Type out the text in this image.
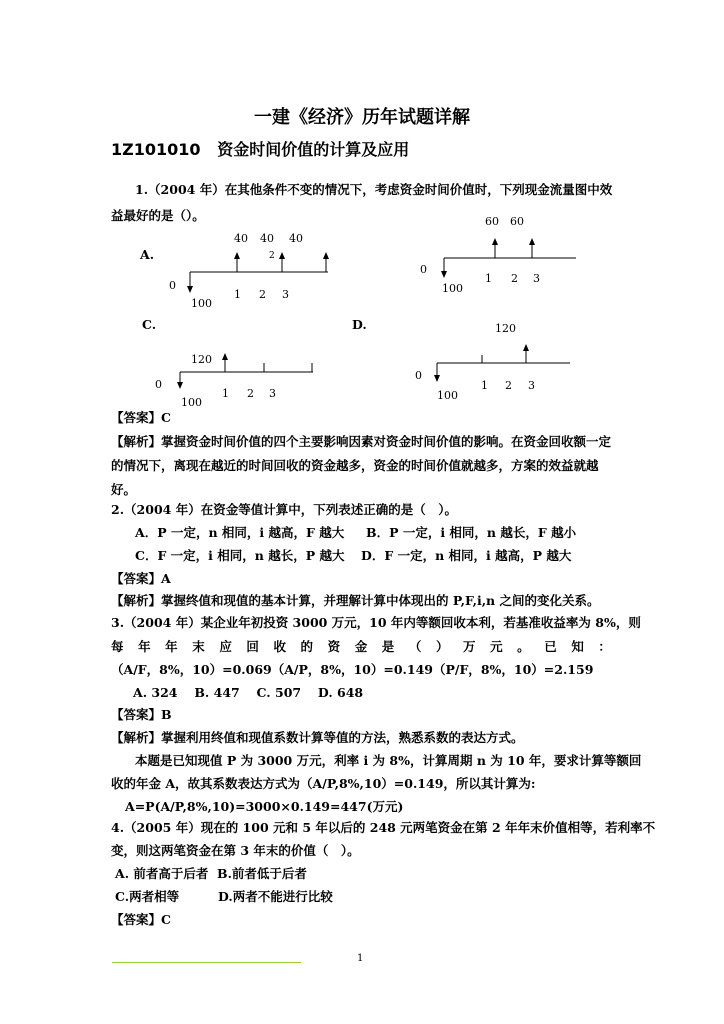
一建《经济》历年试题详解
1Z101010 资金时间价值的计算及应用
1.（2004 年）在其他条件不变的情况下，考虑资金时间价值时，下列现金流量图中效
益最好的是（）。
A.
C.	D.
40 40 40
2
0
100
1 2 3
60 60
0
100
1 2 3
120
0
100
1 2 3
120
0
100
1 2 3
【答案】C
【解析】掌握资金时间价值的四个主要影响因素对资金时间价值的影响。在资金回收额一定
的情况下，离现在越近的时间回收的资金越多，资金的时间价值就越多，方案的效益就越
好。
2.（2004 年）在资金等值计算中，下列表述正确的是（　）。
A．P 一定，n 相同，i 越高，F 越大 B．P 一定，i 相同，n 越长，F 越小
C．F 一定，i 相同，n 越长，P 越大 D．F 一定，n 相同，i 越高，P 越大
【答案】A
【解析】掌握终值和现值的基本计算，并理解计算中体现出的 P,F,i,n 之间的变化关系。
3.（2004 年）某企业年初投资 3000 万元，10 年内等额回收本利，若基准收益率为 8%，则
每 年 年 末 应 回 收 的 资 金 是 （ ） 万 元 。 已 知 ：
（A/F，8%，10）=0.069（A/P，8%，10）=0.149（P/F，8%，10）=2.159
A. 324　 B. 447　 C. 507　 D. 648
【答案】B
【解析】掌握利用终值和现值系数计算等值的方法，熟悉系数的表达方式。
本题是已知现值 P 为 3000 万元，利率 i 为 8%，计算周期 n 为 10 年，要求计算等额回
收的年金 A，故其系数表达方式为（A/P,8%,10）=0.149，所以其计算为:
A=P(A/P,8%,10)=3000×0.149=447(万元)
4.（2005 年）现在的 100 元和 5 年以后的 248 元两笔资金在第 2 年年末价值相等，若利率不
变，则这两笔资金在第 3 年末的价值（　）。
A. 前者高于后者 B.前者低于后者
C.两者相等	D.两者不能进行比较
【答案】C
1
